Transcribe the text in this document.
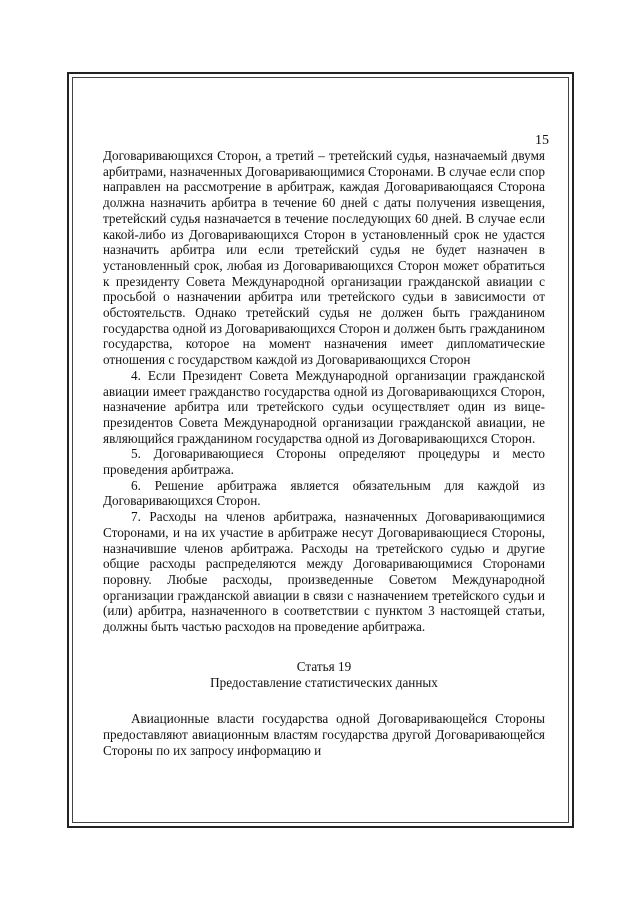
15

Договаривающихся Сторон, а третий – третейский судья, назначаемый двумя арбитрами, назначенных Договаривающимися Сторонами. В случае если спор направлен на рассмотрение в арбитраж, каждая Договаривающаяся Сторона должна назначить арбитра в течение 60 дней с даты получения извещения, третейский судья назначается в течение последующих 60 дней. В случае если какой-либо из Договаривающихся Сторон в установленный срок не удастся назначить арбитра или если третейский судья не будет назначен в установленный срок, любая из Договаривающихся Сторон может обратиться к президенту Совета Международной организации гражданской авиации с просьбой о назначении арбитра или третейского судьи в зависимости от обстоятельств. Однако третейский судья не должен быть гражданином государства одной из Договаривающихся Сторон и должен быть гражданином государства, которое на момент назначения имеет дипломатические отношения с государством каждой из Договаривающихся Сторон

4. Если Президент Совета Международной организации гражданской авиации имеет гражданство государства одной из Договаривающихся Сторон, назначение арбитра или третейского судьи осуществляет один из вице-президентов Совета Международной организации гражданской авиации, не являющийся гражданином государства одной из Договаривающихся Сторон.

5. Договаривающиеся Стороны определяют процедуры и место проведения арбитража.

6. Решение арбитража является обязательным для каждой из Договаривающихся Сторон.

7. Расходы на членов арбитража, назначенных Договаривающимися Сторонами, и на их участие в арбитраже несут Договаривающиеся Стороны, назначившие членов арбитража. Расходы на третейского судью и другие общие расходы распределяются между Договаривающимися Сторонами поровну. Любые расходы, произведенные Советом Международной организации гражданской авиации в связи с назначением третейского судьи и (или) арбитра, назначенного в соответствии с пунктом 3 настоящей статьи, должны быть частью расходов на проведение арбитража.

Статья 19

Предоставление статистических данных

Авиационные власти государства одной Договаривающейся Стороны предоставляют авиационным властям государства другой Договаривающейся Стороны по их запросу информацию и
